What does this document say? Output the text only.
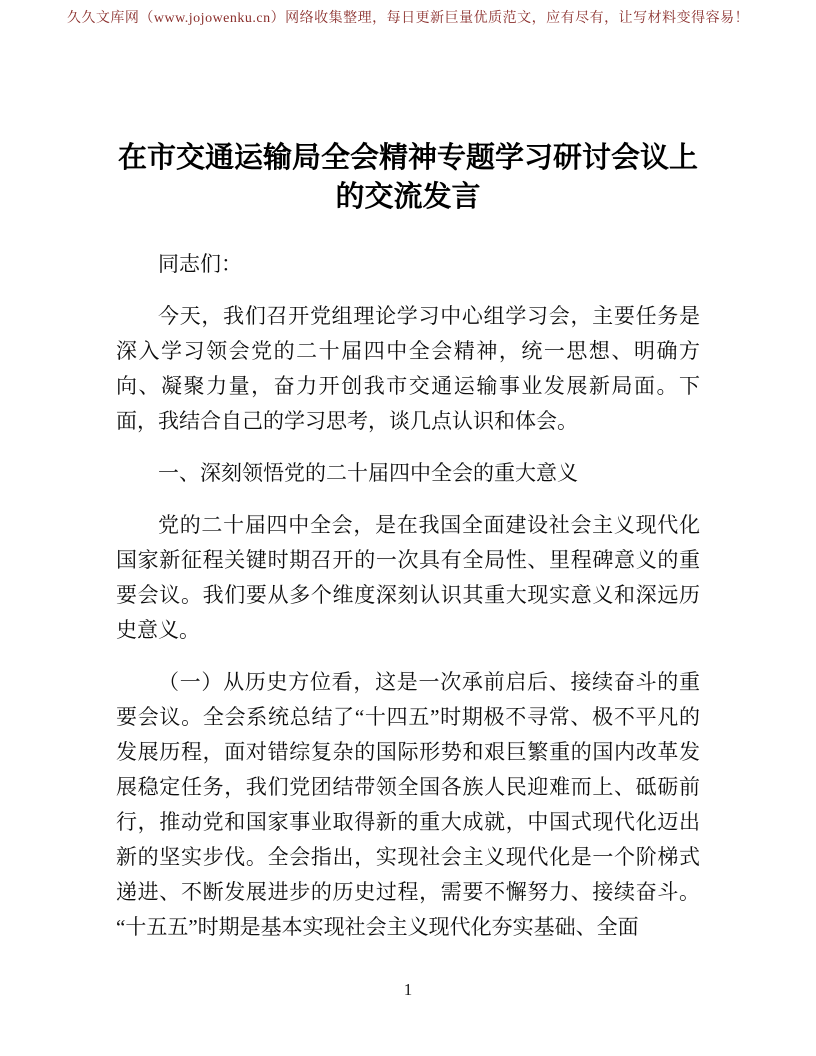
久久文库网（www.jojowenku.cn）网络收集整理，每日更新巨量优质范文，应有尽有，让写材料变得容易！
在市交通运输局全会精神专题学习研讨会议上的交流发言

同志们：

今天，我们召开党组理论学习中心组学习会，主要任务是深入学习领会党的二十届四中全会精神，统一思想、明确方向、凝聚力量，奋力开创我市交通运输事业发展新局面。下面，我结合自己的学习思考，谈几点认识和体会。

一、深刻领悟党的二十届四中全会的重大意义

党的二十届四中全会，是在我国全面建设社会主义现代化国家新征程关键时期召开的一次具有全局性、里程碑意义的重要会议。我们要从多个维度深刻认识其重大现实意义和深远历史意义。

（一）从历史方位看，这是一次承前启后、接续奋斗的重要会议。全会系统总结了“十四五”时期极不寻常、极不平凡的发展历程，面对错综复杂的国际形势和艰巨繁重的国内改革发展稳定任务，我们党团结带领全国各族人民迎难而上、砥砺前行，推动党和国家事业取得新的重大成就，中国式现代化迈出新的坚实步伐。全会指出，实现社会主义现代化是一个阶梯式递进、不断发展进步的历史过程，需要不懈努力、接续奋斗。“十五五”时期是基本实现社会主义现代化夯实基础、全面

1
